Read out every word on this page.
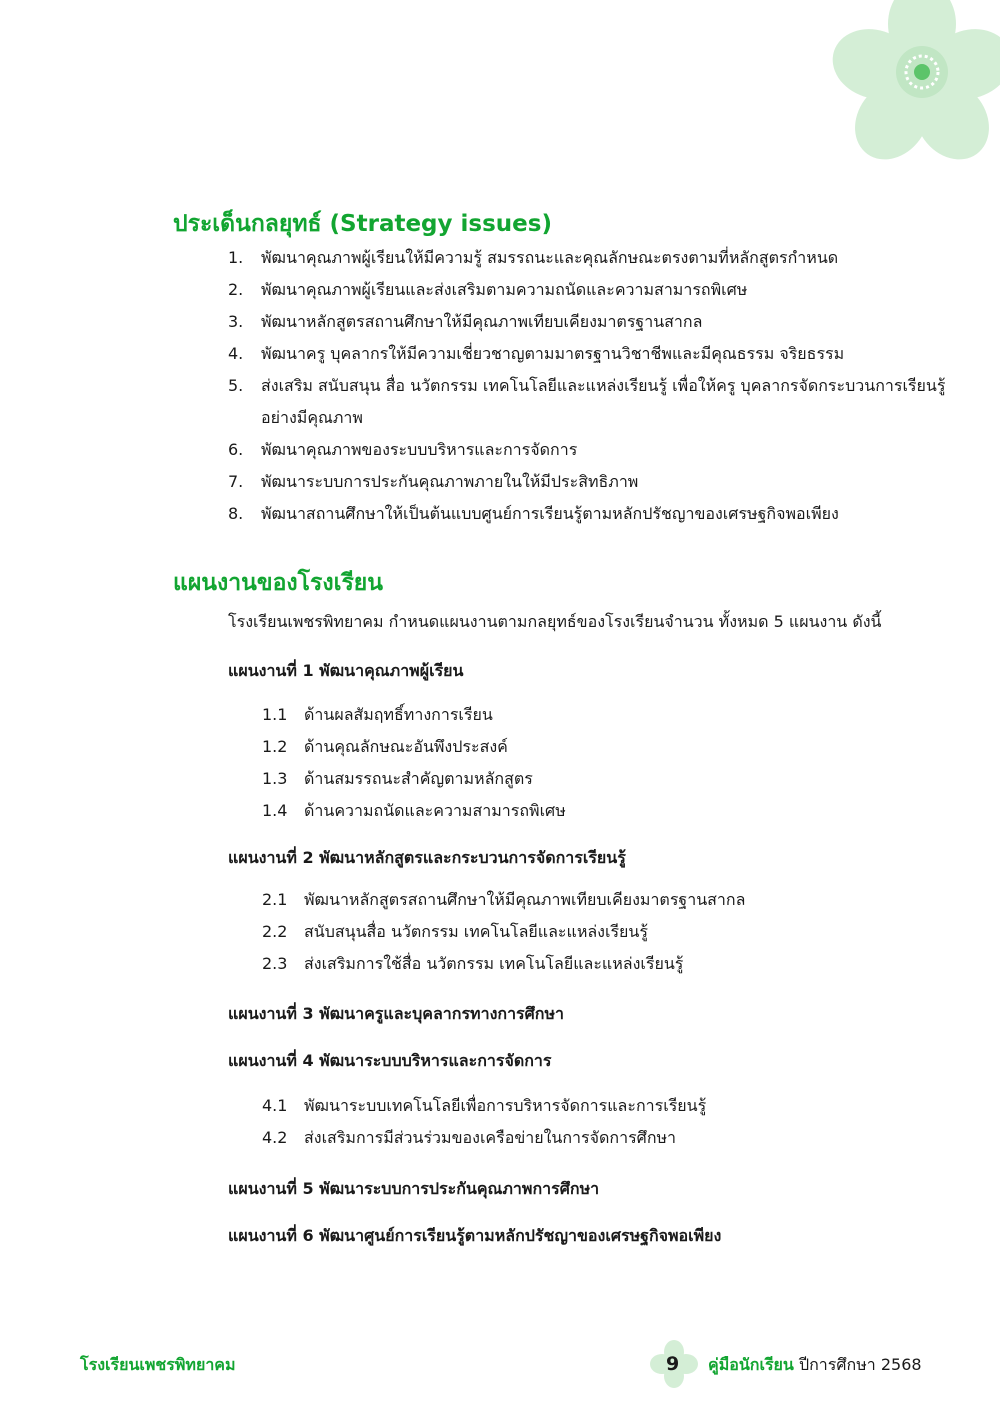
ประเด็นกลยุทธ์ (Strategy issues)
1. พัฒนาคุณภาพผู้เรียนให้มีความรู้ สมรรถนะและคุณลักษณะตรงตามที่หลักสูตรกำหนด
2. พัฒนาคุณภาพผู้เรียนและส่งเสริมตามความถนัดและความสามารถพิเศษ
3. พัฒนาหลักสูตรสถานศึกษาให้มีคุณภาพเทียบเคียงมาตรฐานสากล
4. พัฒนาครู บุคลากรให้มีความเชี่ยวชาญตามมาตรฐานวิชาชีพและมีคุณธรรม จริยธรรม
5. ส่งเสริม สนับสนุน สื่อ นวัตกรรม เทคโนโลยีและแหล่งเรียนรู้ เพื่อให้ครู บุคลากรจัดกระบวนการเรียนรู้อย่างมีคุณภาพ
6. พัฒนาคุณภาพของระบบบริหารและการจัดการ
7. พัฒนาระบบการประกันคุณภาพภายในให้มีประสิทธิภาพ
8. พัฒนาสถานศึกษาให้เป็นต้นแบบศูนย์การเรียนรู้ตามหลักปรัชญาของเศรษฐกิจพอเพียง
แผนงานของโรงเรียน
โรงเรียนเพชรพิทยาคม กำหนดแผนงานตามกลยุทธ์ของโรงเรียนจำนวน ทั้งหมด 5 แผนงาน ดังนี้
แผนงานที่ 1 พัฒนาคุณภาพผู้เรียน
1.1 ด้านผลสัมฤทธิ์ทางการเรียน
1.2 ด้านคุณลักษณะอันพึงประสงค์
1.3 ด้านสมรรถนะสำคัญตามหลักสูตร
1.4 ด้านความถนัดและความสามารถพิเศษ
แผนงานที่ 2 พัฒนาหลักสูตรและกระบวนการจัดการเรียนรู้
2.1 พัฒนาหลักสูตรสถานศึกษาให้มีคุณภาพเทียบเคียงมาตรฐานสากล
2.2 สนับสนุนสื่อ นวัตกรรม เทคโนโลยีและแหล่งเรียนรู้
2.3 ส่งเสริมการใช้สื่อ นวัตกรรม เทคโนโลยีและแหล่งเรียนรู้
แผนงานที่ 3 พัฒนาครูและบุคลากรทางการศึกษา
แผนงานที่ 4 พัฒนาระบบบริหารและการจัดการ
4.1 พัฒนาระบบเทคโนโลยีเพื่อการบริหารจัดการและการเรียนรู้
4.2 ส่งเสริมการมีส่วนร่วมของเครือข่ายในการจัดการศึกษา
แผนงานที่ 5 พัฒนาระบบการประกันคุณภาพการศึกษา
แผนงานที่ 6 พัฒนาศูนย์การเรียนรู้ตามหลักปรัชญาของเศรษฐกิจพอเพียง
โรงเรียนเพชรพิทยาคม	9 คู่มือนักเรียน ปีการศึกษา 2568
